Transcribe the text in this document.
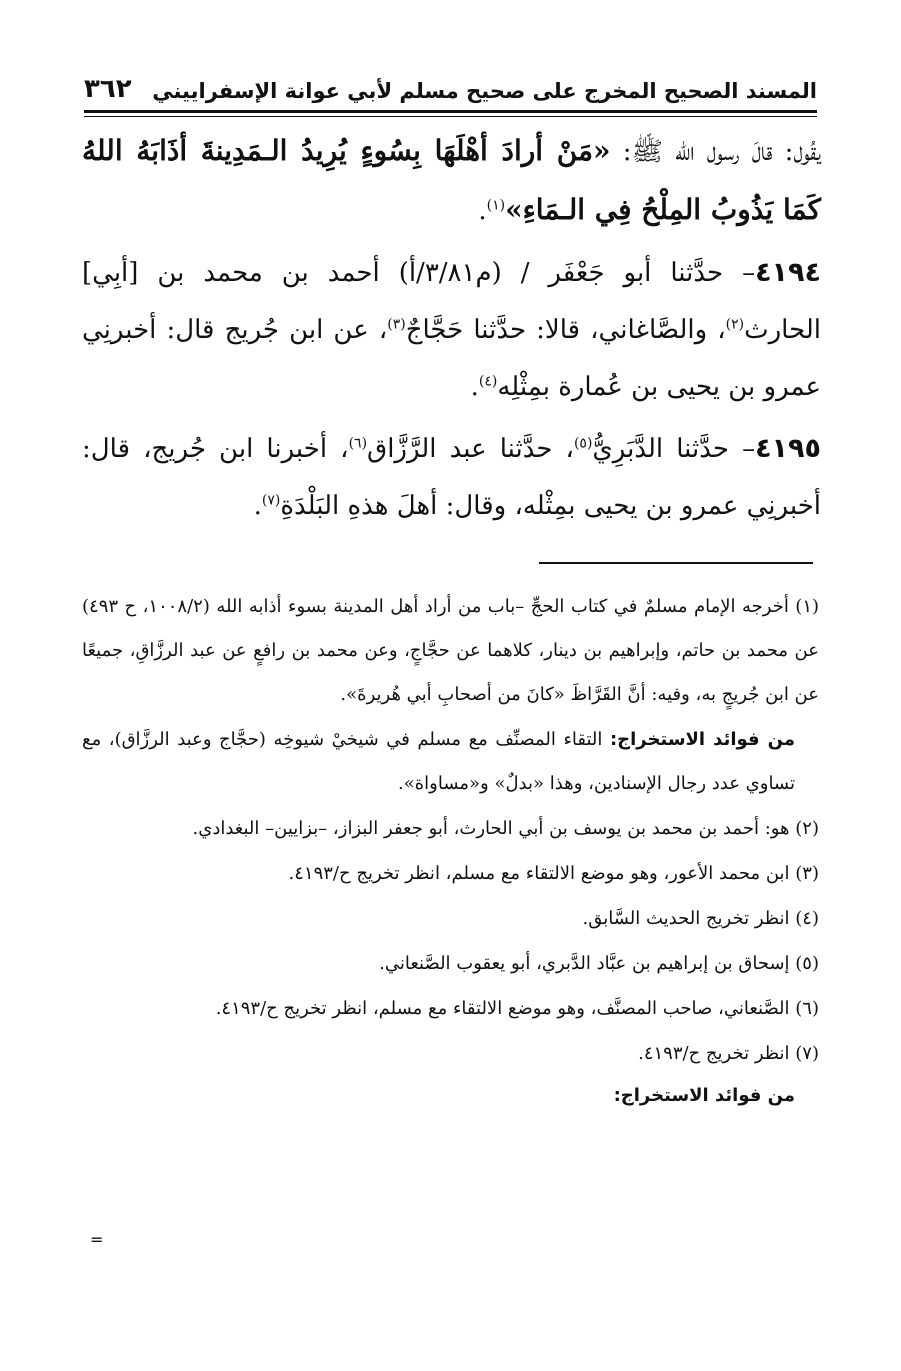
المسند الصحيح المخرج على صحيح مسلم لأبي عوانة الإسفراييني
٣٦٢

يقُول: قالَ رسول الله ﷺ: «مَنْ أرادَ أهْلَهَا بِسُوءٍ يُرِيدُ الـمَدِينةَ أذَابَهُ اللهُ كَمَا يَذُوبُ المِلْحُ فِي الـمَاءِ»$^{(١)}$.

٤١٩٤– حدَّثنا أبو جَعْفَر / (م٣/٨١/أ) أحمد بن محمد بن [أبِي] الحارث$^{(٢)}$، والصَّاغاني، قالا: حدَّثنا حَجَّاجٌ$^{(٣)}$، عن ابن جُريج قال: أخبرنِي عمرو بن يحيى بن عُمارة بمِثْلِه$^{(٤)}$.

٤١٩٥– حدَّثنا الدَّبَرِيُّ$^{(٥)}$، حدَّثنا عبد الرَّزَّاق$^{(٦)}$، أخبرنا ابن جُريج، قال: أخبرنِي عمرو بن يحيى بمِثْله، وقال: أهلَ هذهِ البَلْدَةِ$^{(٧)}$.

(١) أخرجه الإمام مسلمٌ في كتاب الحجِّ –باب من أراد أهل المدينة بسوء أذابه الله (١٠٠٨/٢، ح ٤٩٣) عن محمد بن حاتم، وإبراهيم بن دينار، كلاهما عن حجَّاجٍ، وعن محمد بن رافعٍ عن عبد الرزَّاقِ، جميعًا عن ابن جُريجٍ به، وفيه: أنَّ القَرَّاظَ «كانَ من أصحابِ أبي هُريرةَ».

من فوائد الاستخراج: التقاء المصنِّف مع مسلم في شيخيْ شيوخِه (حجَّاج وعبد الرزَّاق)، مع تساوي عدد رجال الإسنادين، وهذا «بدلٌ» و«مساواة».

(٢) هو: أحمد بن محمد بن يوسف بن أبي الحارث، أبو جعفر البزاز، –بزايين– البغدادي.

(٣) ابن محمد الأعور، وهو موضع الالتقاء مع مسلم، انظر تخريج ح/٤١٩٣.

(٤) انظر تخريج الحديث السَّابق.

(٥) إسحاق بن إبراهيم بن عبَّاد الدَّبري، أبو يعقوب الصَّنعاني.

(٦) الصَّنعاني، صاحب المصنَّف، وهو موضع الالتقاء مع مسلم، انظر تخريج ح/٤١٩٣.

(٧) انظر تخريج ح/٤١٩٣.

من فوائد الاستخراج:

=
